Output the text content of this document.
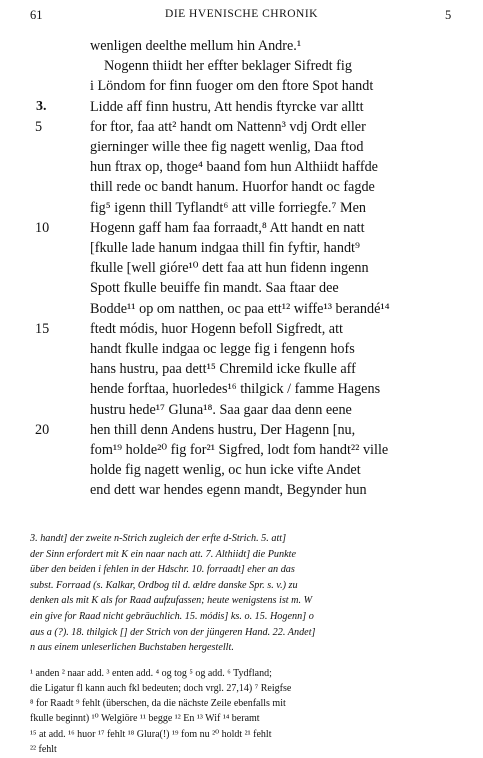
61	DIE HVENISCHE CHRONIK	5
wenligen deelthe mellum hin Andre.¹
Nogenn thiidt her effter beklager Sifredt fig
i Löndom for finn fuoger om den ftore Spot handt
Lidde aff finn hustru, Att hendis ftyrcke var alltt
5	for ftor, faa att² handt om Nattenn³ vdj Ordt eller
gierninger wille thee fig nagett wenlig, Daa ftod
hun ftrax op, thoge⁴ baand fom hun Althiidt haffde
thill rede oc bandt hanum. Huorfor handt oc fagde
fig⁵ igenn thill Tyflandt⁶ att ville forriegfe.⁷ Men
10	Hogenn gaff ham faa forraadt,⁸ Att handt en natt
[fkulle lade hanum indgaa thill fin fyftir, handt⁹
fkulle [well gióre¹⁰ dett faa att hun fidenn ingenn
Spott fkulle beuiffe fin mandt. Saa ftaar dee
Bodde¹¹ op om natthen, oc paa ett¹² wiffe¹³ berandé¹⁴
15	ftedt módis, huor Hogenn befoll Sigfredt, att
handt fkulle indgaa oc legge fig i fengenn hofs
hans hustru, paa dett¹⁵ Chremild icke fkulle aff
hende forftaa, huorledes¹⁶ thilgick / famme Hagens
hustru hede¹⁷ Gluna¹⁸. Saa gaar daa denn eene
20	hen thill denn Andens hustru, Der Hagenn [nu,
fom¹⁹ holde²⁰ fig for²¹ Sigfred, lodt fom handt²² ville
holde fig nagett wenlig, oc hun icke vifte Andet
end dett war hendes egenn mandt, Begynder hun
3.
3. handt] der zweite n-Strich zugleich der erfte d-Strich. 5. att]
der Sinn erfordert mit K ein naar nach att. 7. Althiidt] die Punkte
über den beiden i fehlen in der Hdschr. 10. forraadt] eher an das
subst. Forraad (s. Kalkar, Ordbog til d. ældre danske Spr. s. v.) zu
denken als mit K als for Raad aufzufassen; heute wenigstens ist m. W
ein give for Raad nicht gebräuchlich. 15. módis] ks. o. 15. Hogenn] o
aus a (?). 18. thilgick [] der Strich von der jüngeren Hand. 22. Andet]
n aus einem unleserlichen Buchstaben hergestellt.
¹ anden ² naar add. ³ enten add. ⁴ og tog ⁵ og add. ⁶ Tydfland;
die Ligatur fl kann auch fkl bedeuten; doch vrgl. 27,14) ⁷ Reigfse
⁸ for Raadt ⁹ fehlt (überschen, da die nächste Zeile ebenfalls mit
fkulle beginnt) ¹⁰ Welgiöre ¹¹ begge ¹² En ¹³ Wif ¹⁴ beramt
¹⁵ at add. ¹⁶ huor ¹⁷ fehlt ¹⁸ Glura(!) ¹⁹ fom nu ²⁰ holdt ²¹ fehlt
²² fehlt
